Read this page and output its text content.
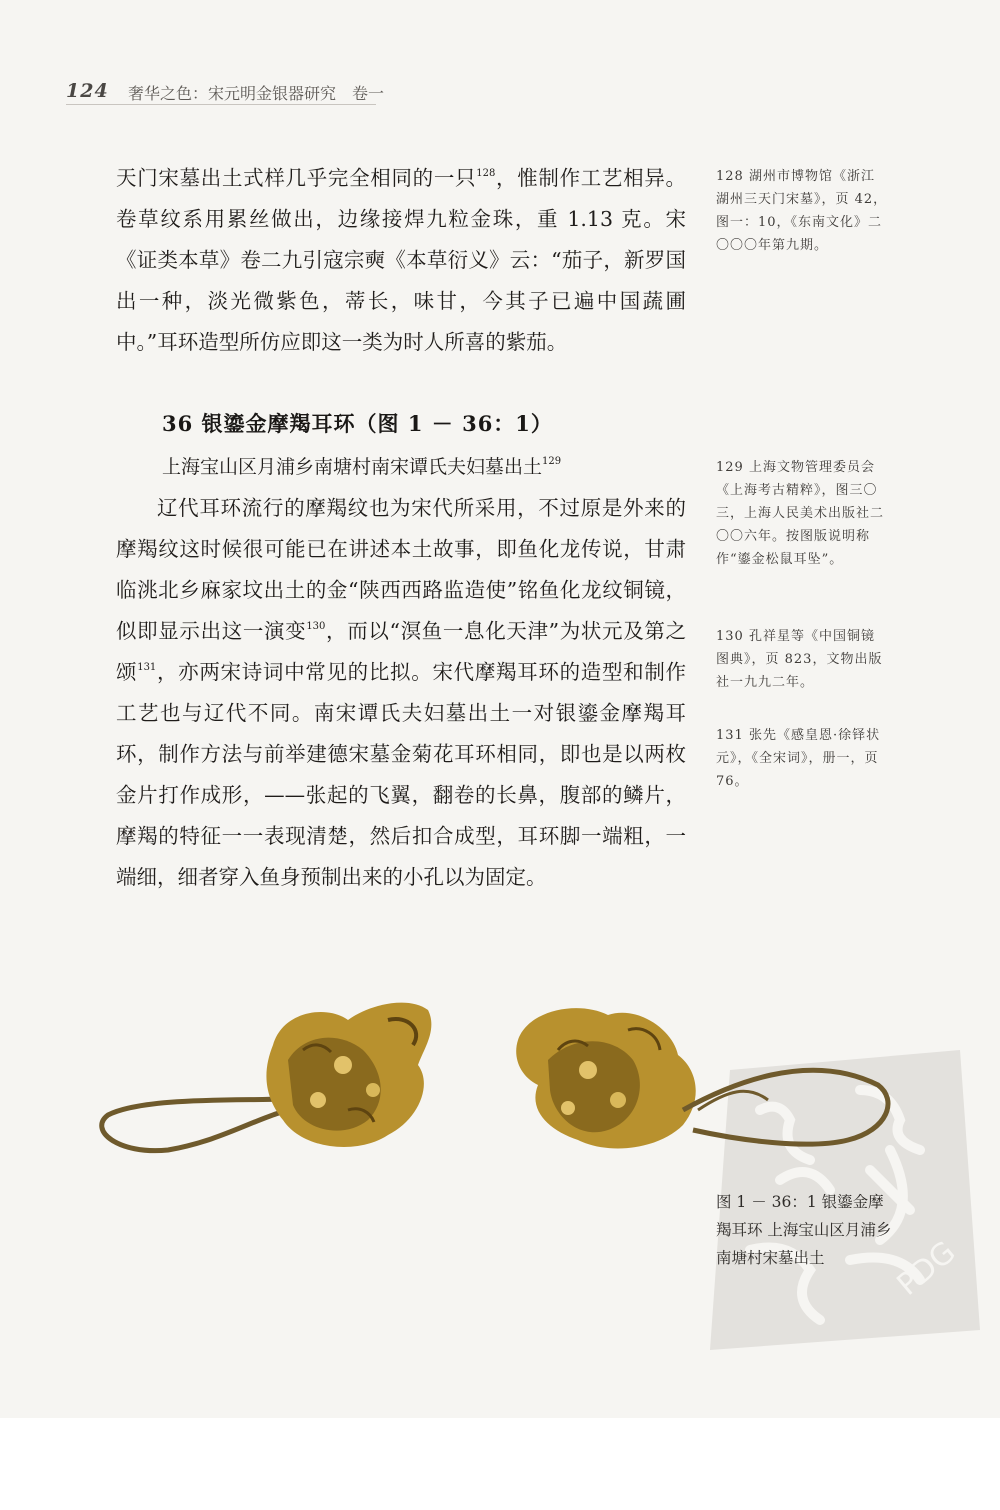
124 奢华之色：宋元明金银器研究　卷一
天门宋墓出土式样几乎完全相同的一只$^{128}$，惟制作工艺相异。卷草纹系用累丝做出，边缘接焊九粒金珠，重 1.13 克。宋《证类本草》卷二九引寇宗奭《本草衍义》云：“茄子，新罗国出一种，淡光微紫色，蒂长，味甘，今其子已遍中国蔬圃中。”耳环造型所仿应即这一类为时人所喜的紫茄。
36 银鎏金摩羯耳环（图 1 － 36：1）
上海宝山区月浦乡南塘村南宋谭氏夫妇墓出土$^{129}$
辽代耳环流行的摩羯纹也为宋代所采用，不过原是外来的摩羯纹这时候很可能已在讲述本土故事，即鱼化龙传说，甘肃临洮北乡麻家坟出土的金“陕西西路监造使”铭鱼化龙纹铜镜，似即显示出这一演变$^{130}$，而以“溟鱼一息化天津”为状元及第之颂$^{131}$，亦两宋诗词中常见的比拟。宋代摩羯耳环的造型和制作工艺也与辽代不同。南宋谭氏夫妇墓出土一对银鎏金摩羯耳环，制作方法与前举建德宋墓金菊花耳环相同，即也是以两枚金片打作成形，——张起的飞翼，翻卷的长鼻，腹部的鳞片，摩羯的特征一一表现清楚，然后扣合成型，耳环脚一端粗，一端细，细者穿入鱼身预制出来的小孔以为固定。
128 湖州市博物馆《浙江湖州三天门宋墓》，页 42，图一：10，《东南文化》二〇〇〇年第九期。
129 上海文物管理委员会《上海考古精粹》，图三〇三，上海人民美术出版社二〇〇六年。按图版说明称作“鎏金松鼠耳坠”。
130 孔祥星等《中国铜镜图典》，页 823，文物出版社一九九二年。
131 张先《感皇恩·徐铎状元》，《全宋词》，册一，页 76。
PDG
图 1 － 36：1 银鎏金摩羯耳环 上海宝山区月浦乡南塘村宋墓出土
